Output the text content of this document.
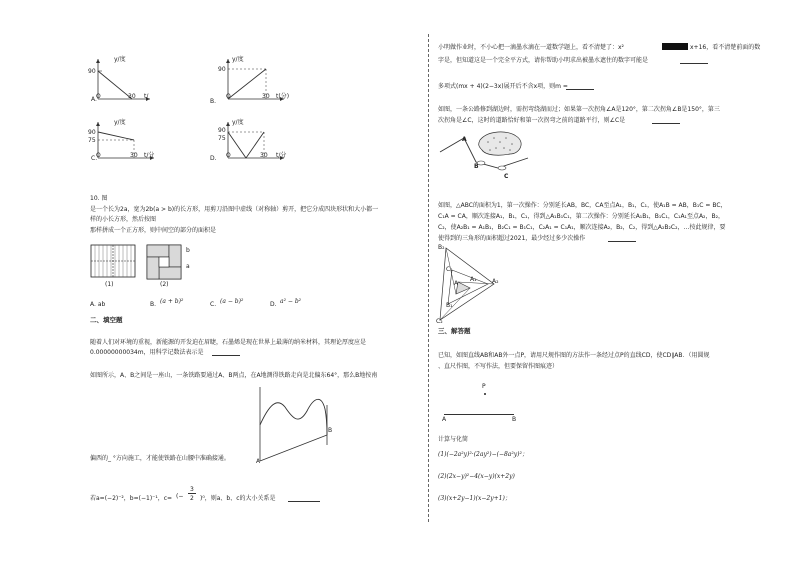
A.
y/度
90
O	30 t/
B.
y/度
90
O	30 t(分)
C.
y/度
90
75
O	30 t/分	D.
y/度
90
75
O	30 t/分
10. 图
是一个长为2a，宽为2b(a > b)的长方形，用剪刀沿图中虚线（对称轴）剪开，把它分成四块形状和大小都一
样的小长方形，然后按图
那样拼成一个正方形，则中间空的部分的面积是
(1)
b
a
(2)
A. ab	B. (a + b)²	C. (a − b)²	D. a² − b²
二、填空题
随着人们对环境的重视，新能源的开发迫在眉睫，石墨烯是现在世界上最薄的纳米材料，其理论厚度应是
0.00000000034m，用科学记数法表示是
如图所示，A、B之间是一座山，一条铁路要通过A、B两点，在A地测得铁路走向是北偏东64°，那么B地按南
A
B
偏西的_ °方向施工，才能使铁路在山腰中准确接通。
若a=(−2)⁻²，b=(−1)⁻¹，c= (−
3
2 )⁰，则a、b、c的大小关系是
小明做作业时，不小心把一滴墨水滴在一道数学题上，看不清楚了：x²	x+16，看不清楚前面的数
字是，但知道这是一个完全平方式，请你帮助小明求出被墨水遮住的数字可能是
多项式(mx + 4)(2−3x)展开后不含x项，则m =
如图，一条公路修到湖边时，需拐弯绕湖而过；如果第一次拐角∠A是120°，第二次拐角∠B是150°，第三
次拐角是∠C，这时的道路恰好和第一次拐弯之前的道路平行，则∠C是
A
B
C
如图，△ABC的面积为1，第一次操作：分别延长AB，BC，CA至点A₁，B₁，C₁，使A₁B = AB，B₁C = BC，
C₁A = CA，顺次连接A₁，B₁，C₁，得到△A₁B₁C₁，第二次操作：分别延长A₁B₁，B₁C₁，C₁A₁至点A₂，B₂，
C₂，使A₂B₁ = A₁B₁，B₂C₁ = B₁C₁，C₂A₁ = C₁A₁，顺次连接A₂，B₂，C₂，得到△A₂B₂C₂，…按此规律，要
使得到的三角形的面积超过2021，最少经过多少次操作
B₂
A₂
C₂
A₁
C₁
B₁
A
三、解答题
已知，如图直线AB和AB外一点P，请用尺规作图的方法作一条经过点P的直线CD，使CD∥AB．（用圆规
、直尺作图，不写作法，但要保留作图痕迹）
P
A	B
计算与化简
(1)(−2a²y)²·(2ay²)−(−8a²y)²；
(2)(2x−y)²−4(x−y)(x+2y)
(3)(x+2y−1)(x−2y+1)；
